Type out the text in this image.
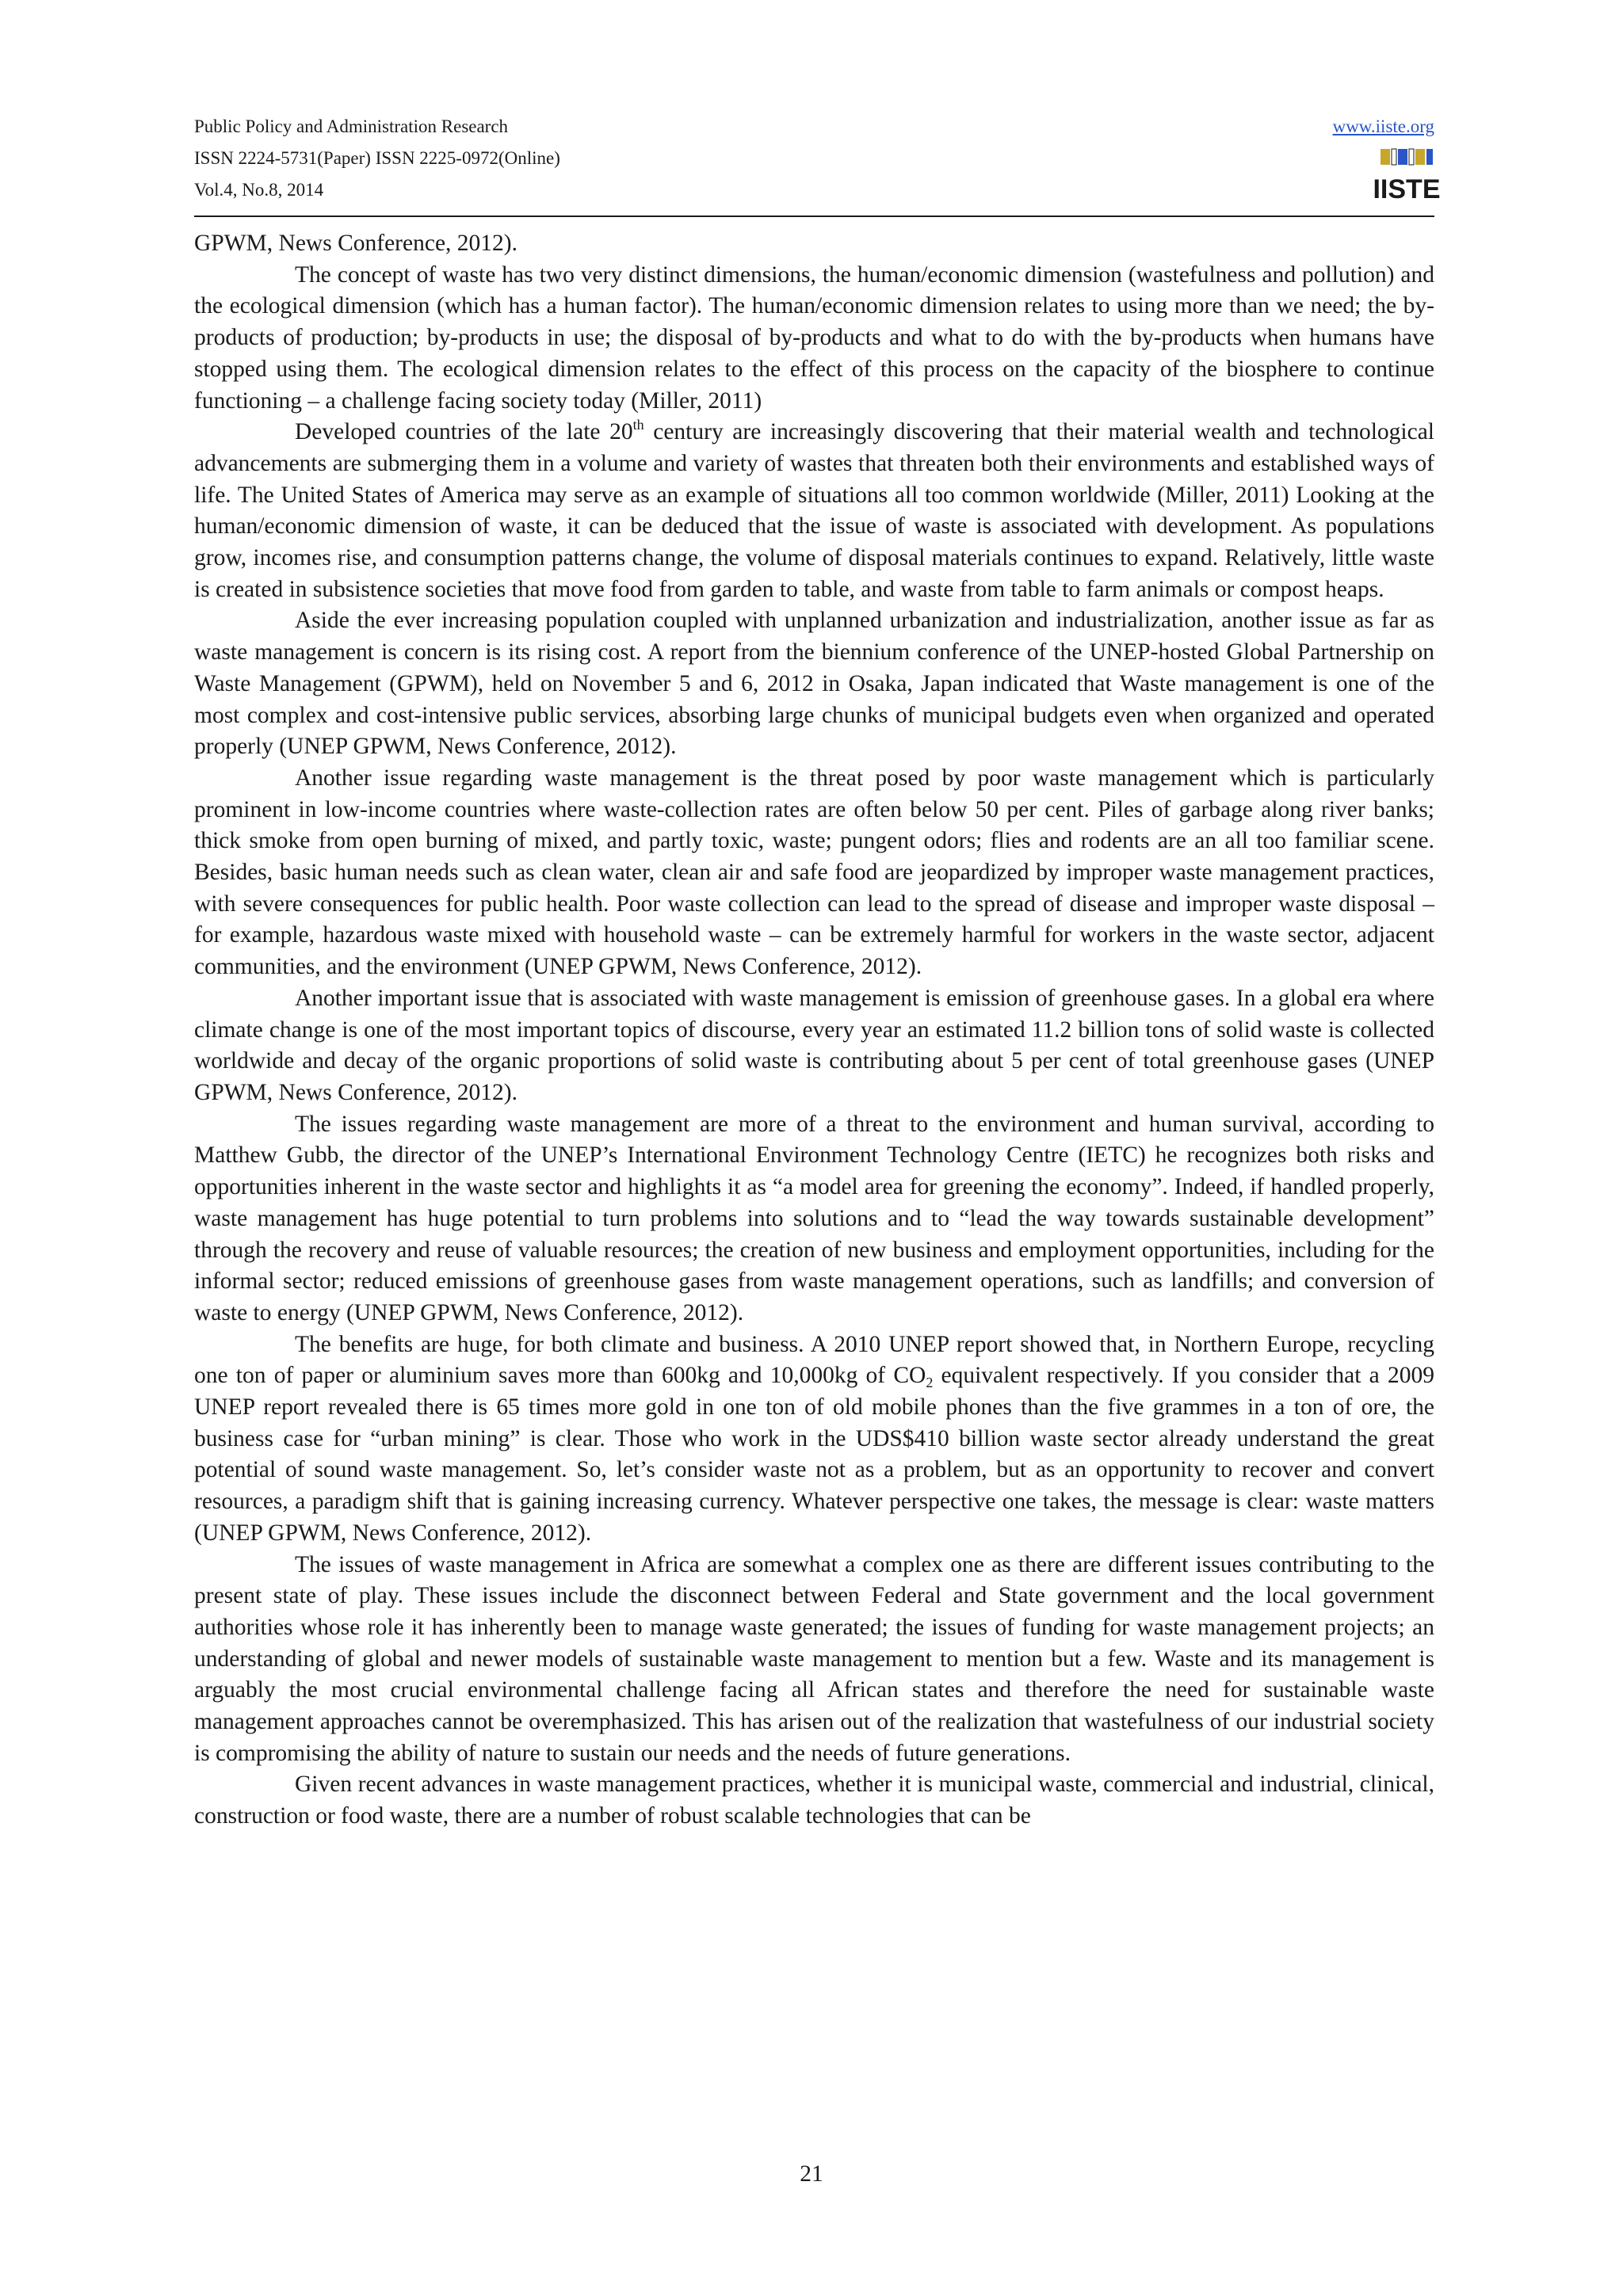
Public Policy and Administration Research
ISSN 2224-5731(Paper) ISSN 2225-0972(Online)
Vol.4, No.8, 2014
www.iiste.org
IISTE

GPWM, News Conference, 2012).

The concept of waste has two very distinct dimensions, the human/economic dimension (wastefulness and pollution) and the ecological dimension (which has a human factor). The human/economic dimension relates to using more than we need; the by-products of production; by-products in use; the disposal of by-products and what to do with the by-products when humans have stopped using them. The ecological dimension relates to the effect of this process on the capacity of the biosphere to continue functioning – a challenge facing society today (Miller, 2011)

Developed countries of the late 20th century are increasingly discovering that their material wealth and technological advancements are submerging them in a volume and variety of wastes that threaten both their environments and established ways of life. The United States of America may serve as an example of situations all too common worldwide (Miller, 2011) Looking at the human/economic dimension of waste, it can be deduced that the issue of waste is associated with development. As populations grow, incomes rise, and consumption patterns change, the volume of disposal materials continues to expand. Relatively, little waste is created in subsistence societies that move food from garden to table, and waste from table to farm animals or compost heaps.

Aside the ever increasing population coupled with unplanned urbanization and industrialization, another issue as far as waste management is concern is its rising cost. A report from the biennium conference of the UNEP-hosted Global Partnership on Waste Management (GPWM), held on November 5 and 6, 2012 in Osaka, Japan indicated that Waste management is one of the most complex and cost-intensive public services, absorbing large chunks of municipal budgets even when organized and operated properly (UNEP GPWM, News Conference, 2012).

Another issue regarding waste management is the threat posed by poor waste management which is particularly prominent in low-income countries where waste-collection rates are often below 50 per cent. Piles of garbage along river banks; thick smoke from open burning of mixed, and partly toxic, waste; pungent odors; flies and rodents are an all too familiar scene. Besides, basic human needs such as clean water, clean air and safe food are jeopardized by improper waste management practices, with severe consequences for public health. Poor waste collection can lead to the spread of disease and improper waste disposal – for example, hazardous waste mixed with household waste – can be extremely harmful for workers in the waste sector, adjacent communities, and the environment (UNEP GPWM, News Conference, 2012).

Another important issue that is associated with waste management is emission of greenhouse gases. In a global era where climate change is one of the most important topics of discourse, every year an estimated 11.2 billion tons of solid waste is collected worldwide and decay of the organic proportions of solid waste is contributing about 5 per cent of total greenhouse gases (UNEP GPWM, News Conference, 2012).

The issues regarding waste management are more of a threat to the environment and human survival, according to Matthew Gubb, the director of the UNEP’s International Environment Technology Centre (IETC) he recognizes both risks and opportunities inherent in the waste sector and highlights it as “a model area for greening the economy”. Indeed, if handled properly, waste management has huge potential to turn problems into solutions and to “lead the way towards sustainable development” through the recovery and reuse of valuable resources; the creation of new business and employment opportunities, including for the informal sector; reduced emissions of greenhouse gases from waste management operations, such as landfills; and conversion of waste to energy (UNEP GPWM, News Conference, 2012).

The benefits are huge, for both climate and business. A 2010 UNEP report showed that, in Northern Europe, recycling one ton of paper or aluminium saves more than 600kg and 10,000kg of $CO_2$ equivalent respectively. If you consider that a 2009 UNEP report revealed there is 65 times more gold in one ton of old mobile phones than the five grammes in a ton of ore, the business case for “urban mining” is clear. Those who work in the UDS$410 billion waste sector already understand the great potential of sound waste management. So, let’s consider waste not as a problem, but as an opportunity to recover and convert resources, a paradigm shift that is gaining increasing currency. Whatever perspective one takes, the message is clear: waste matters (UNEP GPWM, News Conference, 2012).

The issues of waste management in Africa are somewhat a complex one as there are different issues contributing to the present state of play. These issues include the disconnect between Federal and State government and the local government authorities whose role it has inherently been to manage waste generated; the issues of funding for waste management projects; an understanding of global and newer models of sustainable waste management to mention but a few. Waste and its management is arguably the most crucial environmental challenge facing all African states and therefore the need for sustainable waste management approaches cannot be overemphasized. This has arisen out of the realization that wastefulness of our industrial society is compromising the ability of nature to sustain our needs and the needs of future generations.

Given recent advances in waste management practices, whether it is municipal waste, commercial and industrial, clinical, construction or food waste, there are a number of robust scalable technologies that can be

21
